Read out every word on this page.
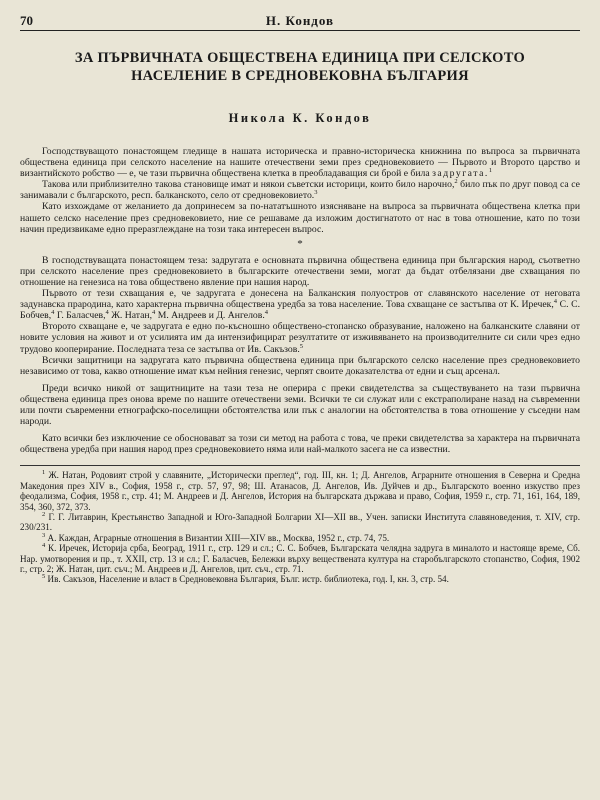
70	Н. Кондов
ЗА ПЪРВИЧНАТА ОБЩЕСТВЕНА ЕДИНИЦА ПРИ СЕЛСКОТО
НАСЕЛЕНИЕ В СРЕДНОВЕКОВНА БЪЛГАРИЯ
Никола К. Кондов

Господствуващото понастоящем гледище в нашата историческа и правно-историческа книжнина по въпроса за първичната обществена единица при селското население на нашите отечествени земи през средновековието — Първото и Второто царство и византийското робство — е, че тази първична обществена клетка в преобладаващия си брой е била задругата.$^1$

Такова или приблизително такова становище имат и някои съветски историци, които било нарочно,$^2$ било пък по друг повод са се занимавали с българското, респ. балканското, село от средновековието.$^3$

Като изхождаме от желанието да допринесем за по-нататъшното изясняване на въпроса за първичната обществена клетка при нашето селско население през средновековието, ние се решаваме да изложим достигнатото от нас в това отношение, като по този начин предизвикаме едно преразглеждане на този така интересен въпрос.

*

В господствуващата понастоящем теза: задругата е основната първична обществена единица при българския народ, съответно при селското население през средновековието в българските отечествени земи, могат да бъдат отбелязани две схващания по отношение на генезиса на това обществено явление при нашия народ.

Първото от тези схващания е, че задругата е донесена на Балканския полуостров от славянското население от неговата задунавска прародина, като характерна първична обществена уредба за това население. Това схващане се застъпва от К. Иречек,$^4$ С. С. Бобчев,$^4$ Г. Баласчев,$^4$ Ж. Натан,$^4$ М. Андреев и Д. Ангелов.$^4$

Второто схващане е, че задругата е едно по-късношно обществено-стопанско образувание, наложено на балканските славяни от новите условия на живот и от усилията им да интензифицират резултатите от изживяването на производителните си сили чрез едно трудово кооперирание. Последната теза се застъпва от Ив. Сакъзов.$^5$

Всички защитници на задругата като първична обществена единица при българското селско население през средновековието независимо от това, какво отношение имат към нейния генезис, черпят своите доказателства от едни и същ арсенал.

Преди всичко никой от защитниците на тази теза не оперира с преки свидетелства за съществуването на тази първична обществена единица през онова време по нашите отечествени земи. Всички те си служат или с екстраполиране назад на съвременни или почти съвременни етнографско-поселищни обстоятелства или пък с аналогии на обстоятелства в това отношение у съседни нам народи.

Като всички без изключение се обосновават за този си метод на работа с това, че преки свидетелства за характера на първичната обществена уредба при нашия народ през средновековието няма или най-малкото засега не са известни.

$^1$ Ж. Натан, Родовият строй у славяните, „Исторически преглед“, год. III, кн. 1; Д. Ангелов, Аграрните отношения в Северна и Средна Македония през XIV в., София, 1958 г., стр. 57, 97, 98; Ш. Атанасов, Д. Ангелов, Ив. Дуйчев и др., Българското военно изкуство през феодализма, София, 1958 г., стр. 41; М. Андреев и Д. Ангелов, История на българската държава и право, София, 1959 г., стр. 71, 161, 164, 189, 354, 360, 372, 373.

$^2$ Г. Г. Литаврин, Крестьянство Западной и Юго-Западной Болгарии XI—XII вв., Учен. записки Института славяноведения, т. XIV, стр. 230/231.

$^3$ А. Каждан, Аграрные отношения в Византии XIII—XIV вв., Москва, 1952 г., стр. 74, 75.

$^4$ К. Иречек, Историја срба, Београд, 1911 г., стр. 129 и сл.; С. С. Бобчев, Българската челядна задруга в миналото и настояще време, Сб. Нар. умотворения и пр., т. XXII, стр. 13 и сл.; Г. Баласчев, Бележки върху веществената култура на старобългарското стопанство, София, 1902 г., стр. 2; Ж. Натан, цит. съч.; М. Андреев и Д. Ангелов, цит. съч., стр. 71.

$^5$ Ив. Сакъзов, Население и власт в Средновековна България, Бълг. истр. библиотека, год. I, кн. 3, стр. 54.
